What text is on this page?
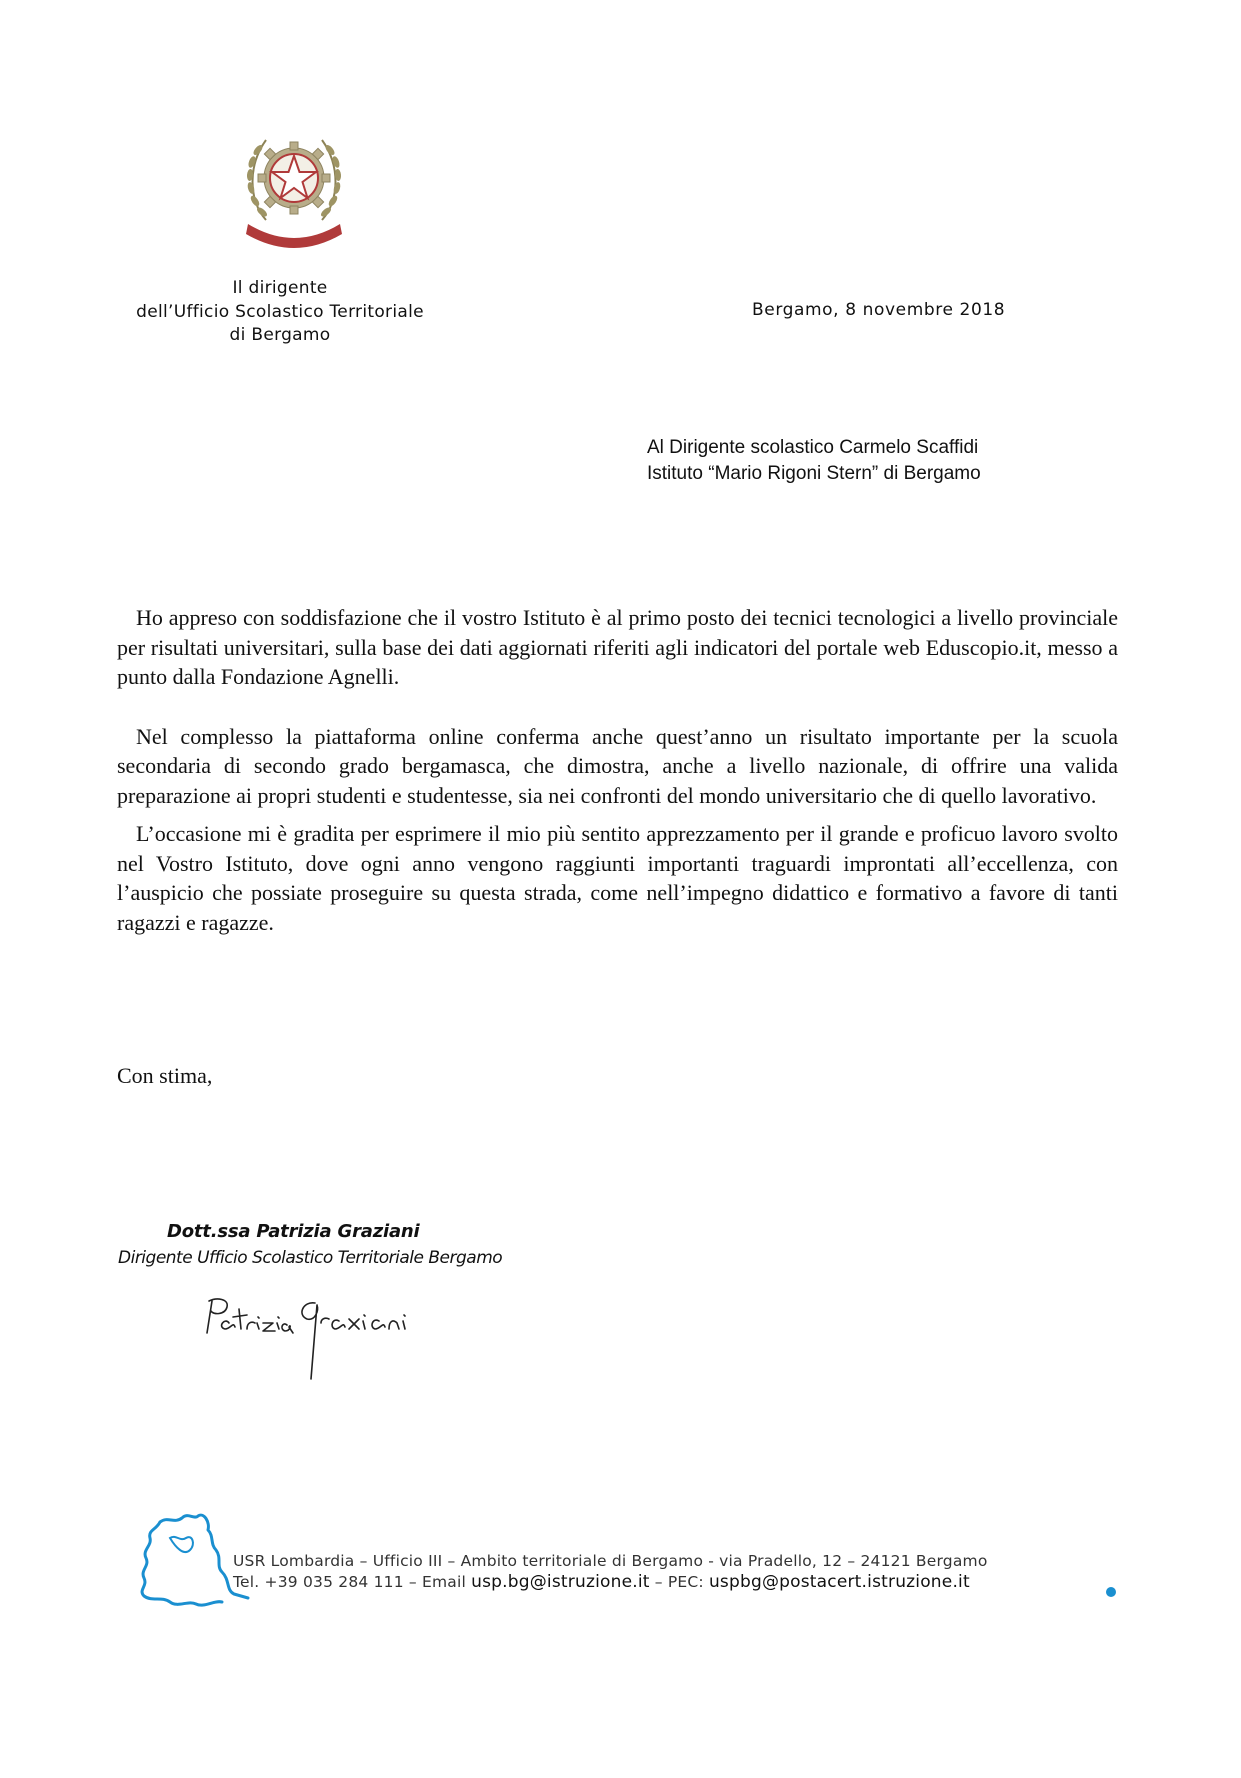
Il dirigente
dell’Ufficio Scolastico Territoriale
di Bergamo
Bergamo, 8 novembre 2018
Al Dirigente scolastico Carmelo Scaffidi
Istituto “Mario Rigoni Stern” di Bergamo

Ho appreso con soddisfazione che il vostro Istituto è al primo posto dei tecnici tecnologici a livello provinciale per risultati universitari, sulla base dei dati aggiornati riferiti agli indicatori del portale web Eduscopio.it, messo a punto dalla Fondazione Agnelli.

Nel complesso la piattaforma online conferma anche quest’anno un risultato importante per la scuola secondaria di secondo grado bergamasca, che dimostra, anche a livello nazionale, di offrire una valida preparazione ai propri studenti e studentesse, sia nei confronti del mondo universitario che di quello lavorativo.

L’occasione mi è gradita per esprimere il mio più sentito apprezzamento per il grande e proficuo lavoro svolto nel Vostro Istituto, dove ogni anno vengono raggiunti importanti traguardi improntati all’eccellenza, con l’auspicio che possiate proseguire su questa strada, come nell’impegno didattico e formativo a favore di tanti ragazzi e ragazze.

Con stima,
Dott.ssa Patrizia Graziani
Dirigente Ufficio Scolastico Territoriale Bergamo
USR Lombardia – Ufficio III – Ambito territoriale di Bergamo - via Pradello, 12 – 24121 Bergamo
Tel. +39 035 284 111 – Email usp.bg@istruzione.it – PEC: uspbg@postacert.istruzione.it
